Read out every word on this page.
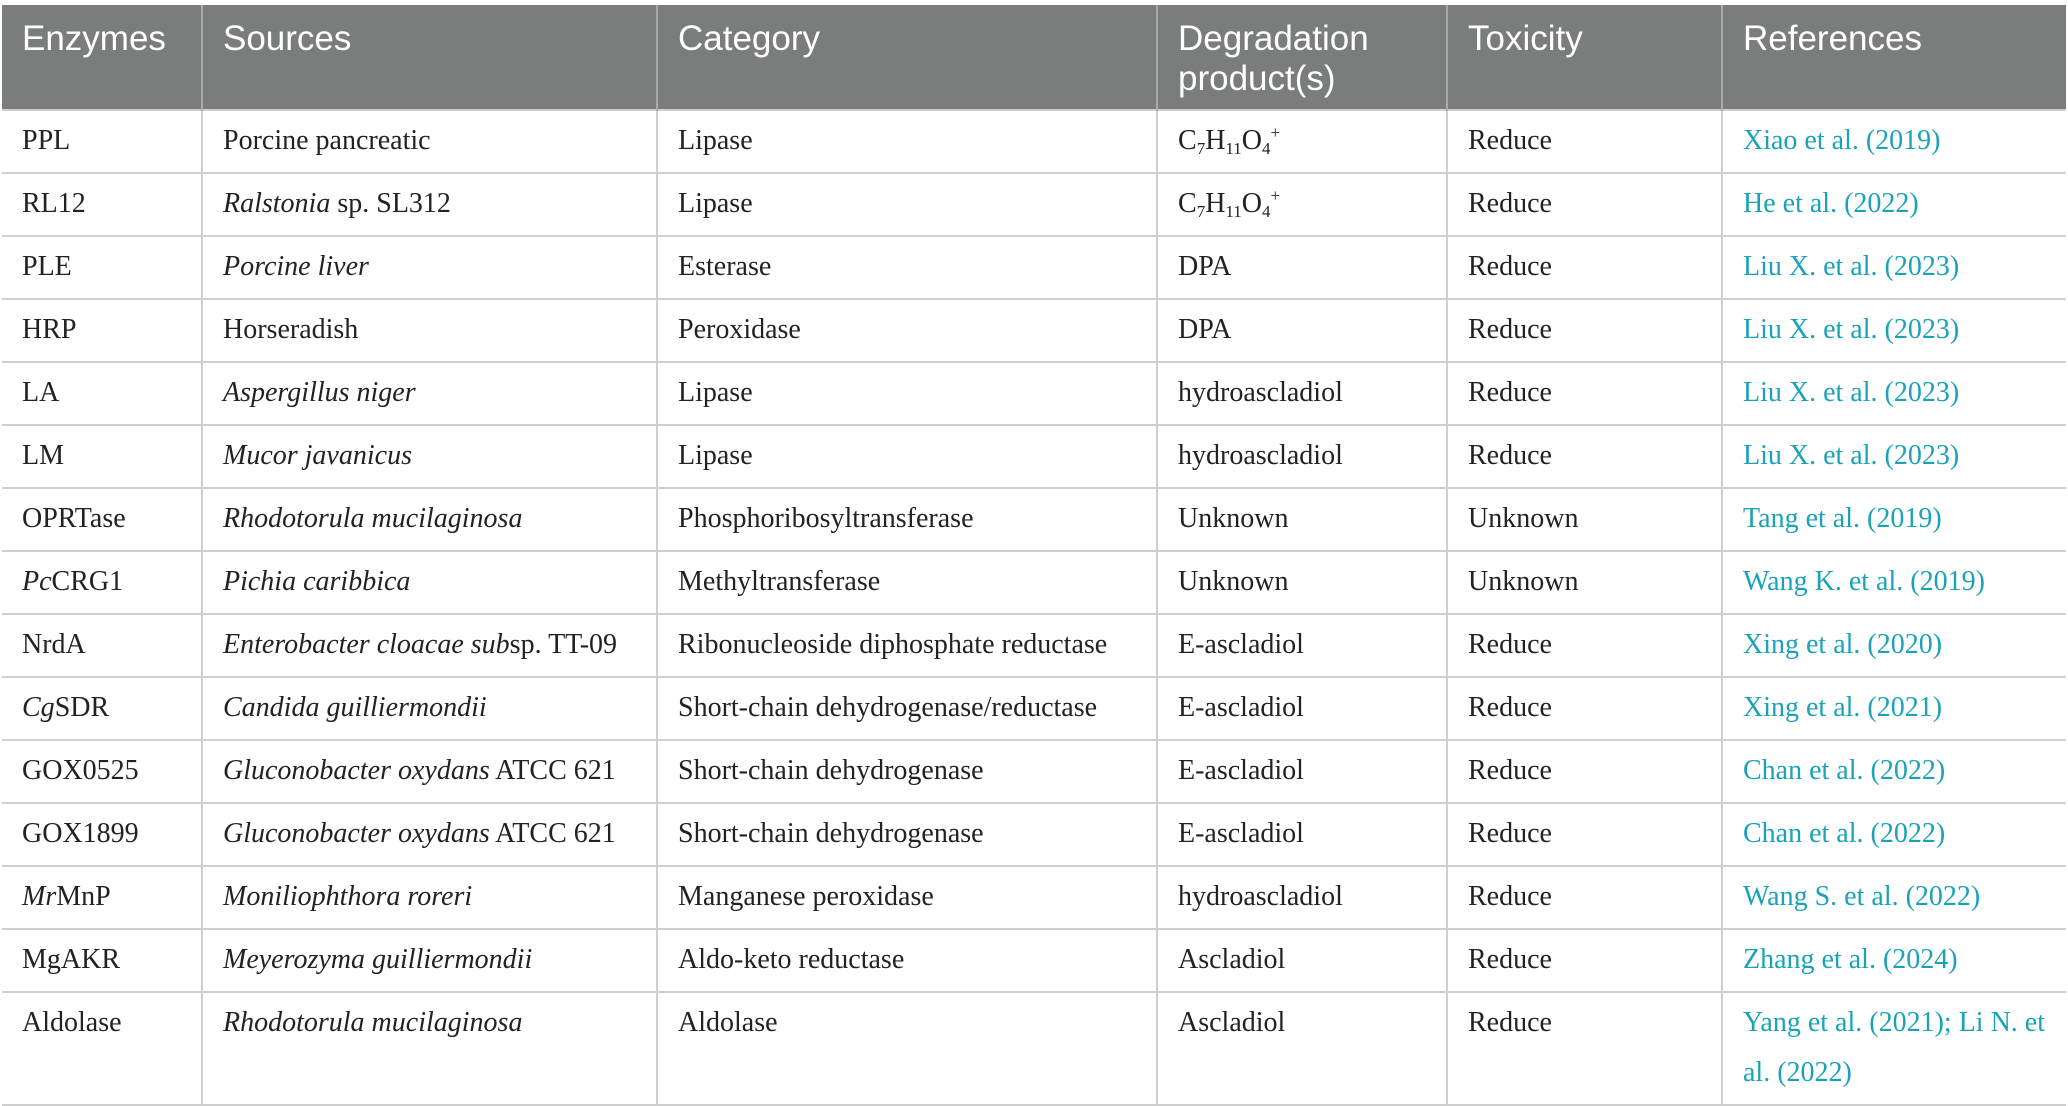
Enzymes	Sources	Category	Degradation product(s)	Toxicity	References
PPL	Porcine pancreatic	Lipase	$C_7H_{11}O_4^+$	Reduce	Xiao et al. (2019)
RL12	Ralstonia sp. SL312	Lipase	$C_7H_{11}O_4^+$	Reduce	He et al. (2022)
PLE	Porcine liver	Esterase	DPA	Reduce	Liu X. et al. (2023)
HRP	Horseradish	Peroxidase	DPA	Reduce	Liu X. et al. (2023)
LA	Aspergillus niger	Lipase	hydroascladiol	Reduce	Liu X. et al. (2023)
LM	Mucor javanicus	Lipase	hydroascladiol	Reduce	Liu X. et al. (2023)
OPRTase	Rhodotorula mucilaginosa	Phosphoribosyltransferase	Unknown	Unknown	Tang et al. (2019)
PcCRG1	Pichia caribbica	Methyltransferase	Unknown	Unknown	Wang K. et al. (2019)
NrdA	Enterobacter cloacae subsp. TT-09	Ribonucleoside diphosphate reductase	E-ascladiol	Reduce	Xing et al. (2020)
CgSDR	Candida guilliermondii	Short-chain dehydrogenase/reductase	E-ascladiol	Reduce	Xing et al. (2021)
GOX0525	Gluconobacter oxydans ATCC 621	Short-chain dehydrogenase	E-ascladiol	Reduce	Chan et al. (2022)
GOX1899	Gluconobacter oxydans ATCC 621	Short-chain dehydrogenase	E-ascladiol	Reduce	Chan et al. (2022)
MrMnP	Moniliophthora roreri	Manganese peroxidase	hydroascladiol	Reduce	Wang S. et al. (2022)
MgAKR	Meyerozyma guilliermondii	Aldo-keto reductase	Ascladiol	Reduce	Zhang et al. (2024)
Aldolase	Rhodotorula mucilaginosa	Aldolase	Ascladiol	Reduce	Yang et al. (2021); Li N. et al. (2022)
